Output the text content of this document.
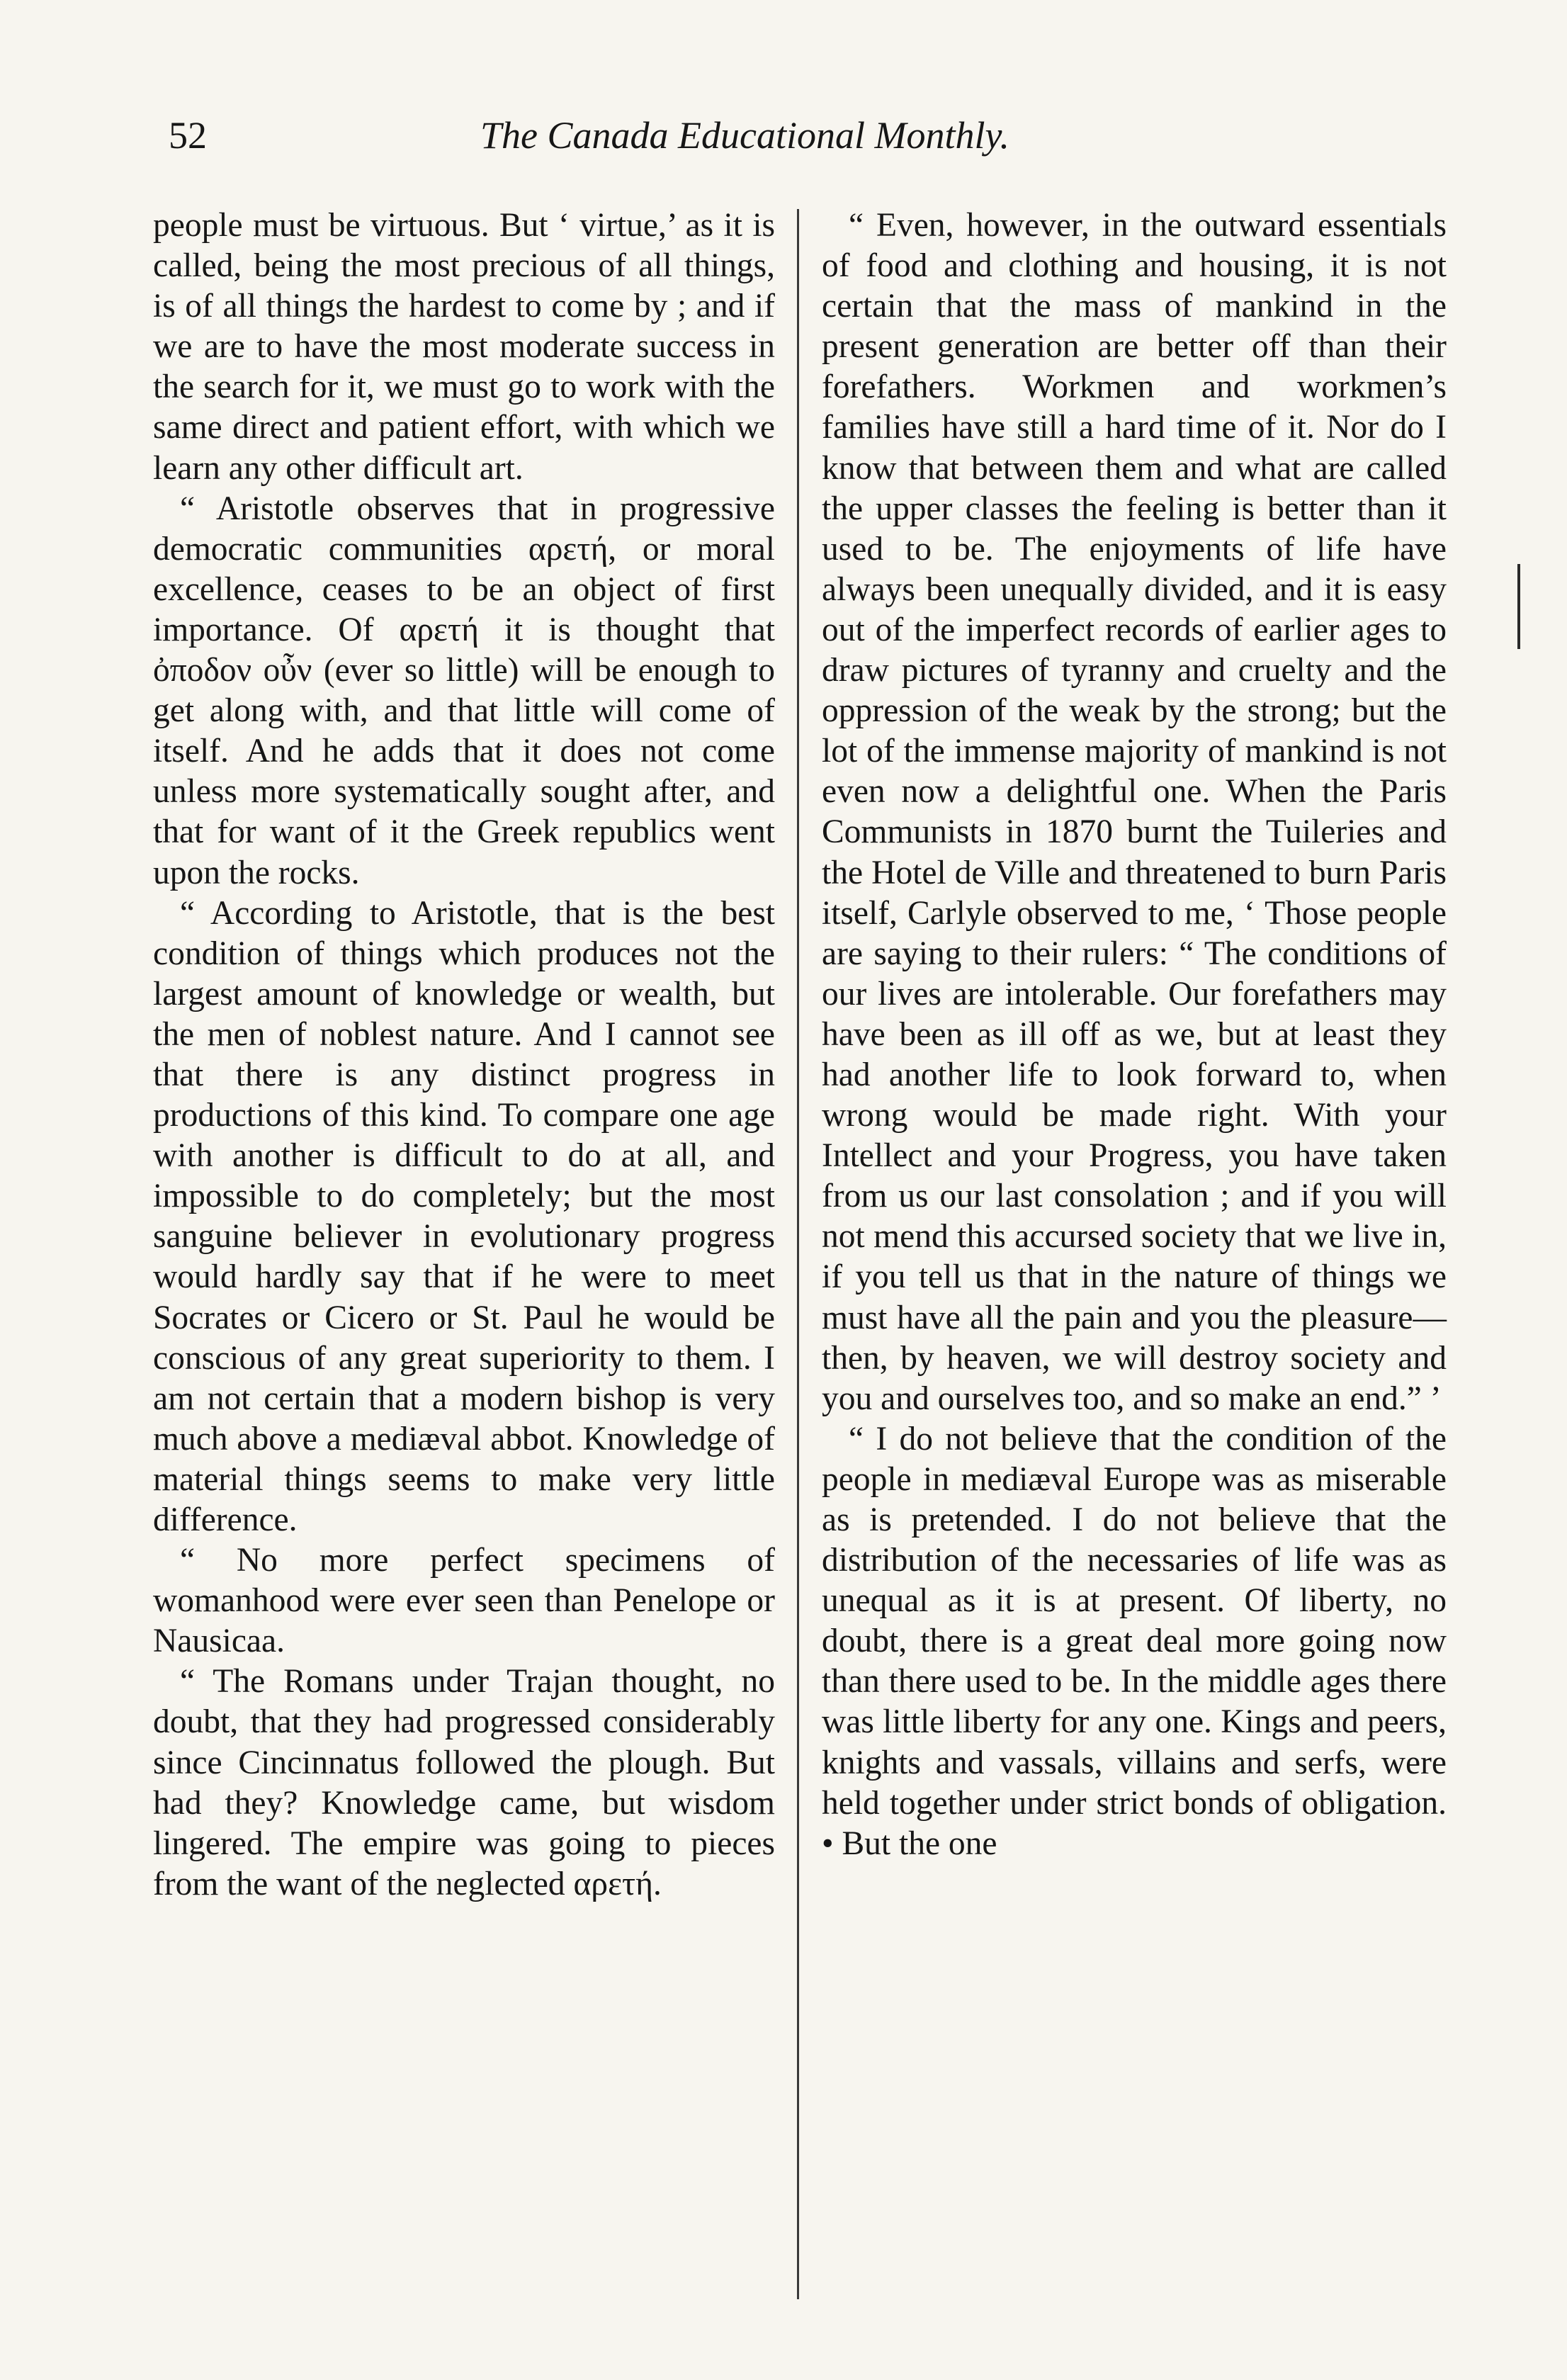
52	The Canada Educational Monthly.

people must be virtuous. But ‘ virtue,’ as it is called, being the most precious of all things, is of all things the hardest to come by ; and if we are to have the most moderate success in the search for it, we must go to work with the same direct and patient effort, with which we learn any other difficult art.

“ Aristotle observes that in progressive democratic communities αρετή, or moral excellence, ceases to be an object of first importance. Of αρετή it is thought that ὀποδον οὖν (ever so little) will be enough to get along with, and that little will come of itself. And he adds that it does not come unless more systematically sought after, and that for want of it the Greek republics went upon the rocks.

“ According to Aristotle, that is the best condition of things which produces not the largest amount of knowledge or wealth, but the men of noblest nature. And I cannot see that there is any distinct progress in productions of this kind. To compare one age with another is difficult to do at all, and impossible to do completely; but the most sanguine believer in evolutionary progress would hardly say that if he were to meet Socrates or Cicero or St. Paul he would be conscious of any great superiority to them. I am not certain that a modern bishop is very much above a mediæval abbot. Knowledge of material things seems to make very little difference.

“ No more perfect specimens of womanhood were ever seen than Penelope or Nausicaa.

“ The Romans under Trajan thought, no doubt, that they had progressed considerably since Cincinnatus followed the plough. But had they? Knowledge came, but wisdom lingered. The empire was going to pieces from the want of the neglected αρετή.

“ Even, however, in the outward essentials of food and clothing and housing, it is not certain that the mass of mankind in the present generation are better off than their forefathers. Workmen and workmen’s families have still a hard time of it. Nor do I know that between them and what are called the upper classes the feeling is better than it used to be. The enjoyments of life have always been unequally divided, and it is easy out of the imperfect records of earlier ages to draw pictures of tyranny and cruelty and the oppression of the weak by the strong; but the lot of the immense majority of mankind is not even now a delightful one. When the Paris Communists in 1870 burnt the Tuileries and the Hotel de Ville and threatened to burn Paris itself, Carlyle observed to me, ‘ Those people are saying to their rulers: “ The conditions of our lives are intolerable. Our forefathers may have been as ill off as we, but at least they had another life to look forward to, when wrong would be made right. With your Intellect and your Progress, you have taken from us our last consolation ; and if you will not mend this accursed society that we live in, if you tell us that in the nature of things we must have all the pain and you the pleasure—then, by heaven, we will destroy society and you and ourselves too, and so make an end.” ’

“ I do not believe that the condition of the people in mediæval Europe was as miserable as is pretended. I do not believe that the distribution of the necessaries of life was as unequal as it is at present. Of liberty, no doubt, there is a great deal more going now than there used to be. In the middle ages there was little liberty for any one. Kings and peers, knights and vassals, villains and serfs, were held together under strict bonds of obligation. • But the one
